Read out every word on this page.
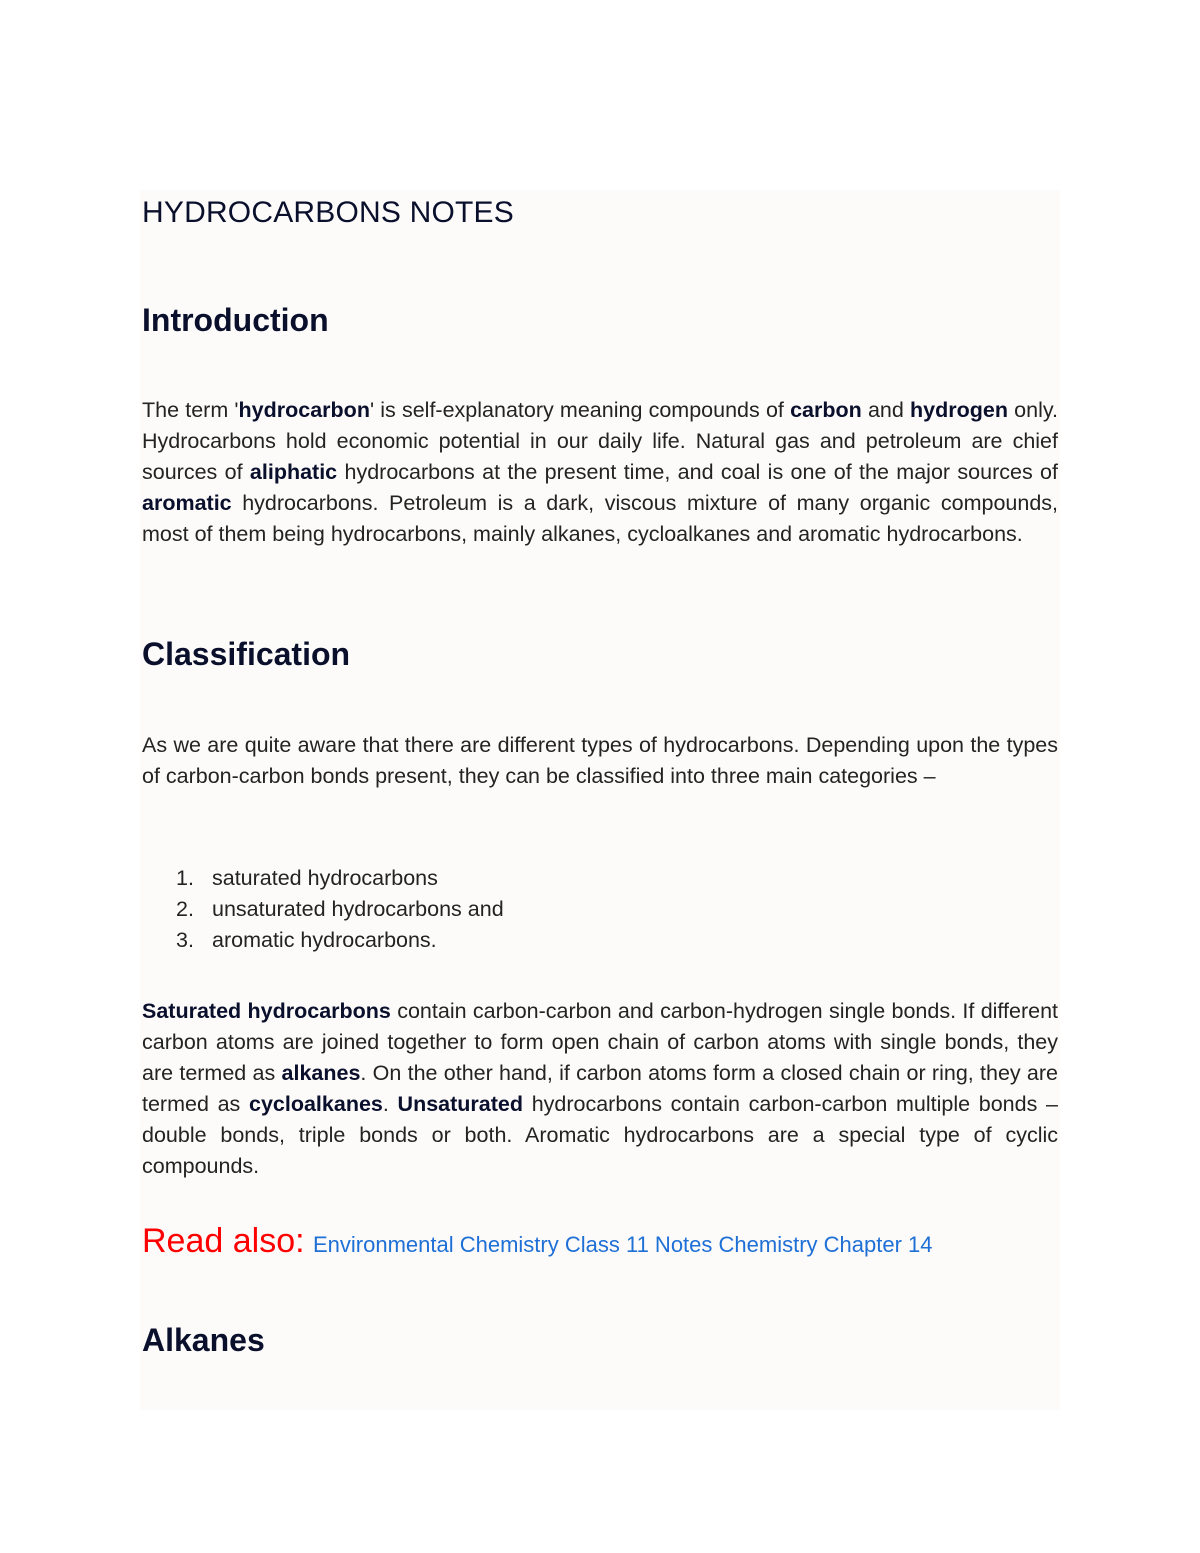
HYDROCARBONS NOTES
Introduction

The term 'hydrocarbon' is self-explanatory meaning compounds of carbon and hydrogen only. Hydrocarbons hold economic potential in our daily life. Natural gas and petroleum are chief sources of aliphatic hydrocarbons at the present time, and coal is one of the major sources of aromatic hydrocarbons. Petroleum is a dark, viscous mixture of many organic compounds, most of them being hydrocarbons, mainly alkanes, cycloalkanes and aromatic hydrocarbons.

Classification

As we are quite aware that there are different types of hydrocarbons. Depending upon the types of carbon-carbon bonds present, they can be classified into three main categories –

1. saturated hydrocarbons
2. unsaturated hydrocarbons and
3. aromatic hydrocarbons.

Saturated hydrocarbons contain carbon-carbon and carbon-hydrogen single bonds. If different carbon atoms are joined together to form open chain of carbon atoms with single bonds, they are termed as alkanes. On the other hand, if carbon atoms form a closed chain or ring, they are termed as cycloalkanes. Unsaturated hydrocarbons contain carbon-carbon multiple bonds – double bonds, triple bonds or both. Aromatic hydrocarbons are a special type of cyclic compounds.

Read also: Environmental Chemistry Class 11 Notes Chemistry Chapter 14
Alkanes
